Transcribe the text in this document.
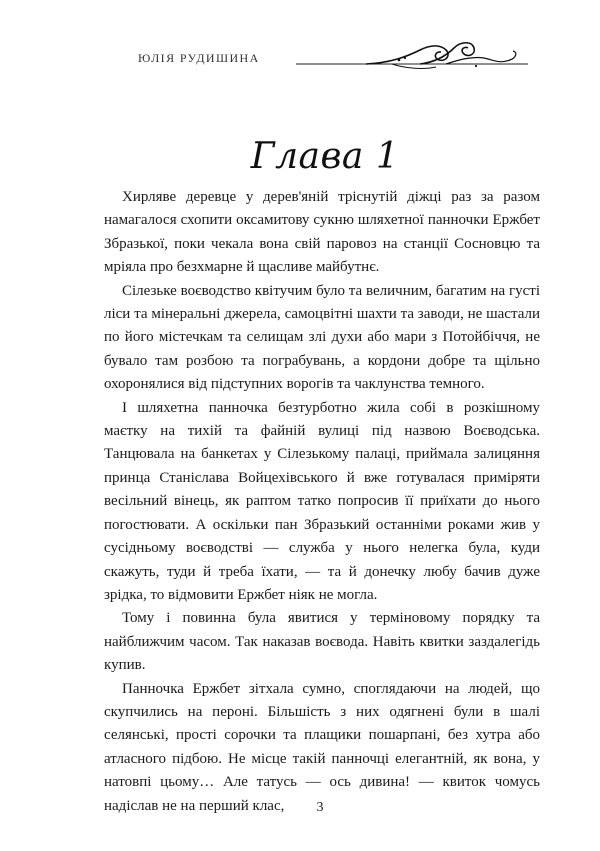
ЮЛІЯ РУДИШИНА
Глава 1

Хирляве деревце у дерев'яній тріснутій діжці раз за разом намагалося схопити оксамитову сукню шляхетної панночки Ержбет Збразької, поки чекала вона свій паровоз на станції Сосновцю та мріяла про безхмарне й щасливе майбутнє.

Сілезьке воєводство квітучим було та величним, багатим на густі ліси та мінеральні джерела, самоцвітні шахти та заводи, не шастали по його містечкам та селищам злі духи або мари з Потойбіччя, не бувало там розбою та пограбувань, а кордони добре та щільно охоронялися від підступних ворогів та чаклунства темного.

І шляхетна панночка безтурботно жила собі в розкішному маєтку на тихій та файній вулиці під назвою Воєводська. Танцювала на банкетах у Сілезькому палаці, приймала залицяння принца Станіслава Войцехівського й вже готувалася приміряти весільний вінець, як раптом татко попросив її приїхати до нього погостювати. А оскільки пан Збразький останніми роками жив у сусідньому воєводстві — служба у нього нелегка була, куди скажуть, туди й треба їхати, — та й донечку любу бачив дуже зрідка, то відмовити Ержбет ніяк не могла.

Тому і повинна була явитися у терміновому порядку та найближчим часом. Так наказав воєвода. Навіть квитки заздалегідь купив.

Панночка Ержбет зітхала сумно, споглядаючи на людей, що скупчились на пероні. Більшість з них одягнені були в шалі селянські, прості сорочки та плащики пошарпані, без хутра або атласного підбою. Не місце такій панночці елегантній, як вона, у натовпі цьому… Але татусь — ось дивина! — квиток чомусь надіслав не на перший клас,	3
